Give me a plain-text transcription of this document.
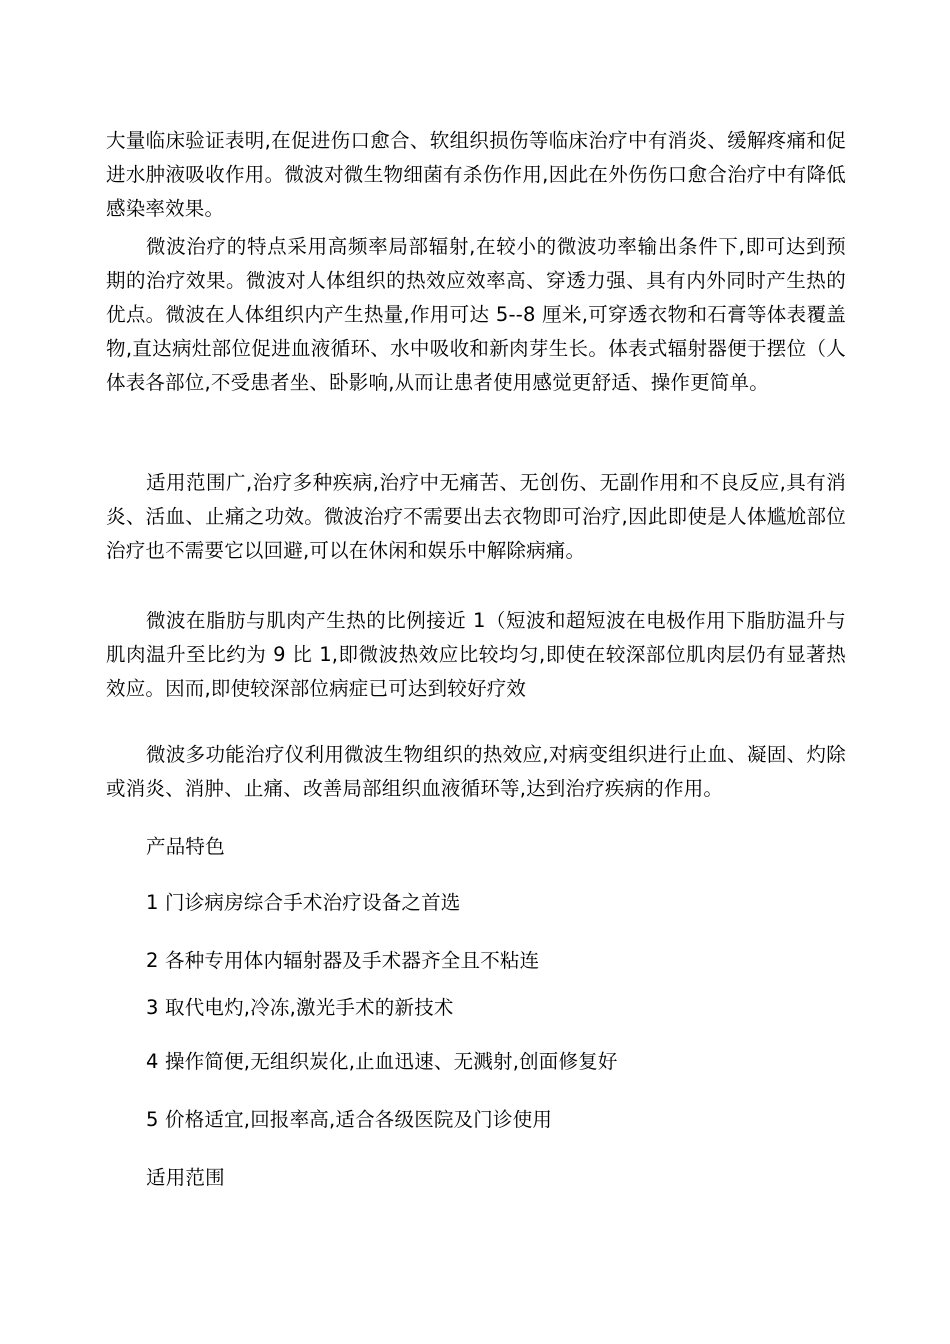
大量临床验证表明,在促进伤口愈合、软组织损伤等临床治疗中有消炎、缓解疼痛和促进水肿液吸收作用。微波对微生物细菌有杀伤作用,因此在外伤伤口愈合治疗中有降低感染率效果。

微波治疗的特点采用高频率局部辐射,在较小的微波功率输出条件下,即可达到预期的治疗效果。微波对人体组织的热效应效率高、穿透力强、具有内外同时产生热的优点。微波在人体组织内产生热量,作用可达 5--8 厘米,可穿透衣物和石膏等体表覆盖物,直达病灶部位促进血液循环、水中吸收和新肉芽生长。体表式辐射器便于摆位（人体表各部位,不受患者坐、卧影响,从而让患者使用感觉更舒适、操作更简单。

适用范围广,治疗多种疾病,治疗中无痛苦、无创伤、无副作用和不良反应,具有消炎、活血、止痛之功效。微波治疗不需要出去衣物即可治疗,因此即使是人体尴尬部位治疗也不需要它以回避,可以在休闲和娱乐中解除病痛。

微波在脂肪与肌肉产生热的比例接近 1（短波和超短波在电极作用下脂肪温升与肌肉温升至比约为 9 比 1,即微波热效应比较均匀,即使在较深部位肌肉层仍有显著热效应。因而,即使较深部位病症已可达到较好疗效

微波多功能治疗仪利用微波生物组织的热效应,对病变组织进行止血、凝固、灼除或消炎、消肿、止痛、改善局部组织血液循环等,达到治疗疾病的作用。

产品特色

1 门诊病房综合手术治疗设备之首选

2 各种专用体内辐射器及手术器齐全且不粘连

3 取代电灼,冷冻,激光手术的新技术

4 操作简便,无组织炭化,止血迅速、无溅射,创面修复好

5 价格适宜,回报率高,适合各级医院及门诊使用

适用范围
